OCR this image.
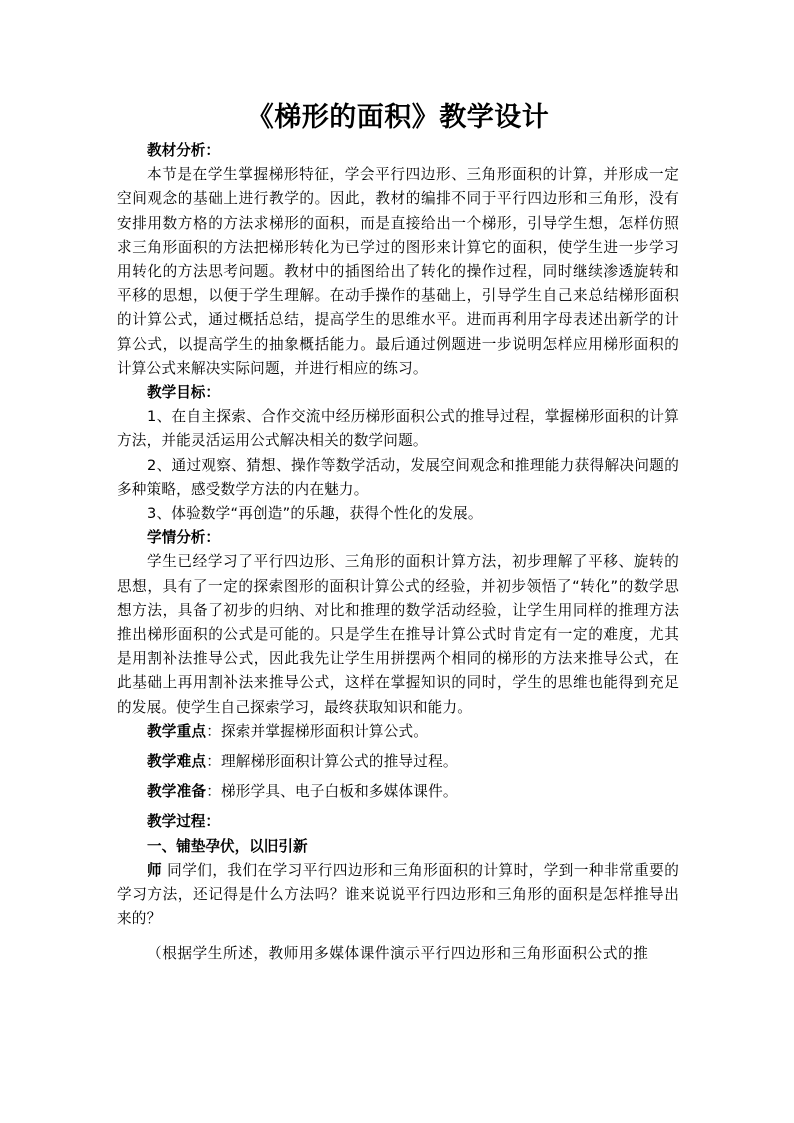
《梯形的面积》教学设计

教材分析：

本节是在学生掌握梯形特征，学会平行四边形、三角形面积的计算，并形成一定空间观念的基础上进行教学的。因此，教材的编排不同于平行四边形和三角形，没有安排用数方格的方法求梯形的面积，而是直接给出一个梯形，引导学生想，怎样仿照求三角形面积的方法把梯形转化为已学过的图形来计算它的面积，使学生进一步学习用转化的方法思考问题。教材中的插图给出了转化的操作过程，同时继续渗透旋转和平移的思想，以便于学生理解。在动手操作的基础上，引导学生自己来总结梯形面积的计算公式，通过概括总结，提高学生的思维水平。进而再利用字母表述出新学的计算公式，以提高学生的抽象概括能力。最后通过例题进一步说明怎样应用梯形面积的计算公式来解决实际问题，并进行相应的练习。

教学目标：

1、在自主探索、合作交流中经历梯形面积公式的推导过程，掌握梯形面积的计算方法，并能灵活运用公式解决相关的数学问题。

2、通过观察、猜想、操作等数学活动，发展空间观念和推理能力获得解决问题的多种策略，感受数学方法的内在魅力。

3、体验数学“再创造”的乐趣，获得个性化的发展。

学情分析：

学生已经学习了平行四边形、三角形的面积计算方法，初步理解了平移、旋转的思想，具有了一定的探索图形的面积计算公式的经验，并初步领悟了“转化”的数学思想方法，具备了初步的归纳、对比和推理的数学活动经验，让学生用同样的推理方法推出梯形面积的公式是可能的。只是学生在推导计算公式时肯定有一定的难度，尤其是用割补法推导公式，因此我先让学生用拼摆两个相同的梯形的方法来推导公式，在此基础上再用割补法来推导公式，这样在掌握知识的同时，学生的思维也能得到充足的发展。使学生自己探索学习，最终获取知识和能力。

教学重点：探索并掌握梯形面积计算公式。

教学难点：理解梯形面积计算公式的推导过程。

教学准备：梯形学具、电子白板和多媒体课件。

教学过程：

一、铺垫孕伏，以旧引新

师 同学们，我们在学习平行四边形和三角形面积的计算时，学到一种非常重要的学习方法，还记得是什么方法吗？谁来说说平行四边形和三角形的面积是怎样推导出来的？

（根据学生所述，教师用多媒体课件演示平行四边形和三角形面积公式的推
